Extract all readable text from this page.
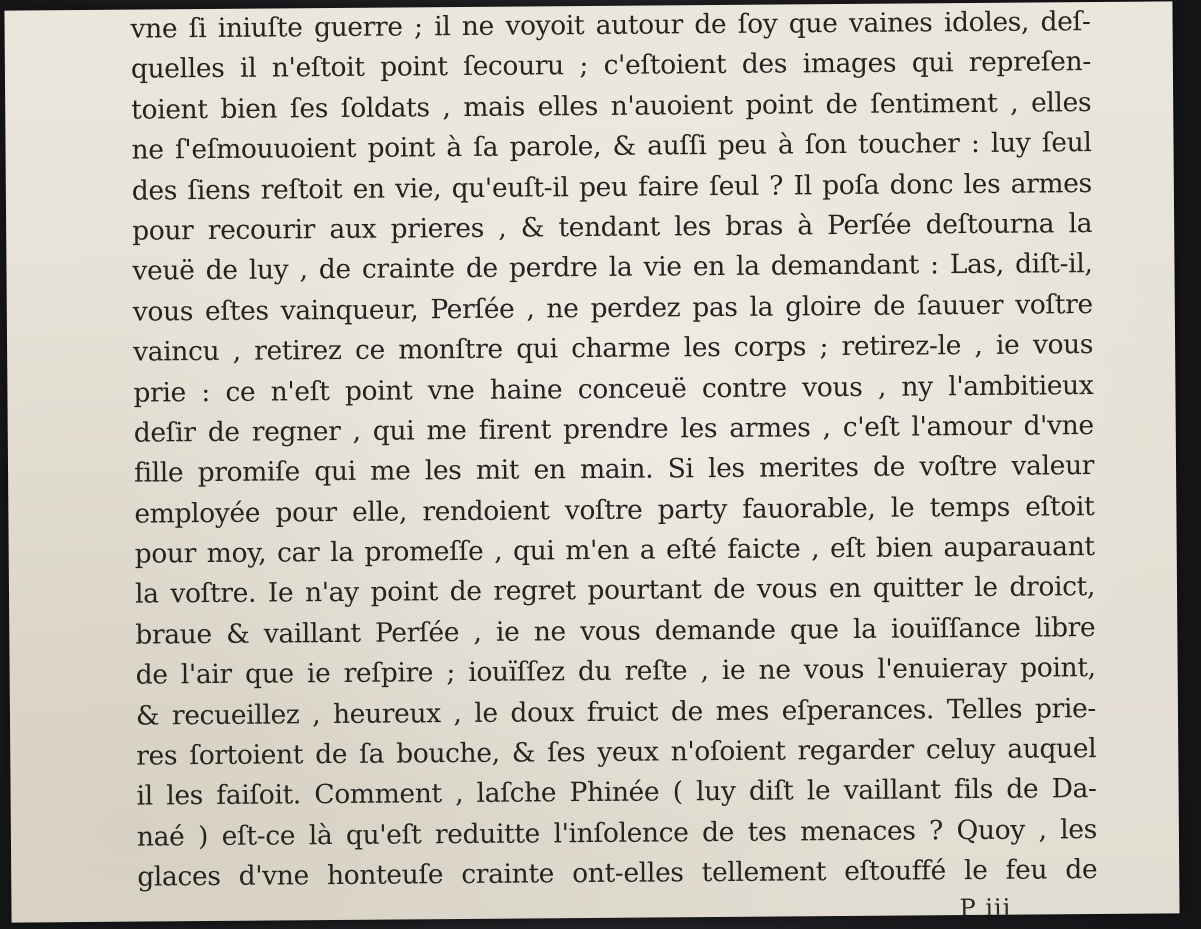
vne ſi iniuſte guerre ; il ne voyoit autour de ſoy que vaines idoles, deſ-
quelles il n'eſtoit point ſecouru ; c'eſtoient des images qui repreſen-
toient bien ſes ſoldats , mais elles n'auoient point de ſentiment , elles
ne ſ'eſmouuoient point à ſa parole, & auſſi peu à ſon toucher : luy ſeul
des ſiens reſtoit en vie, qu'euſt-il peu faire ſeul ? Il poſa donc les armes
pour recourir aux prieres , & tendant les bras à Perſée deſtourna la
veuë de luy , de crainte de perdre la vie en la demandant : Las, diſt-il,
vous eſtes vainqueur, Perſée , ne perdez pas la gloire de ſauuer voſtre
vaincu , retirez ce monſtre qui charme les corps ; retirez-le , ie vous
prie : ce n'eſt point vne haine conceuë contre vous , ny l'ambitieux
deſir de regner , qui me firent prendre les armes , c'eſt l'amour d'vne
fille promiſe qui me les mit en main. Si les merites de voſtre valeur
employée pour elle, rendoient voſtre party fauorable, le temps eſtoit
pour moy, car la promeſſe , qui m'en a eſté faicte , eſt bien auparauant
la voſtre. Ie n'ay point de regret pourtant de vous en quitter le droict,
braue & vaillant Perſée , ie ne vous demande que la iouïſſance libre
de l'air que ie reſpire ; iouïſſez du reſte , ie ne vous l'enuieray point,
& recueillez , heureux , le doux fruict de mes eſperances. Telles prie-
res ſortoient de ſa bouche, & ſes yeux n'oſoient regarder celuy auquel
il les faiſoit. Comment , laſche Phinée ( luy diſt le vaillant fils de Da-
naé ) eſt-ce là qu'eſt reduitte l'inſolence de tes menaces ? Quoy , les
glaces d'vne honteuſe crainte ont-elles tellement eſtouffé le feu de
P iii
